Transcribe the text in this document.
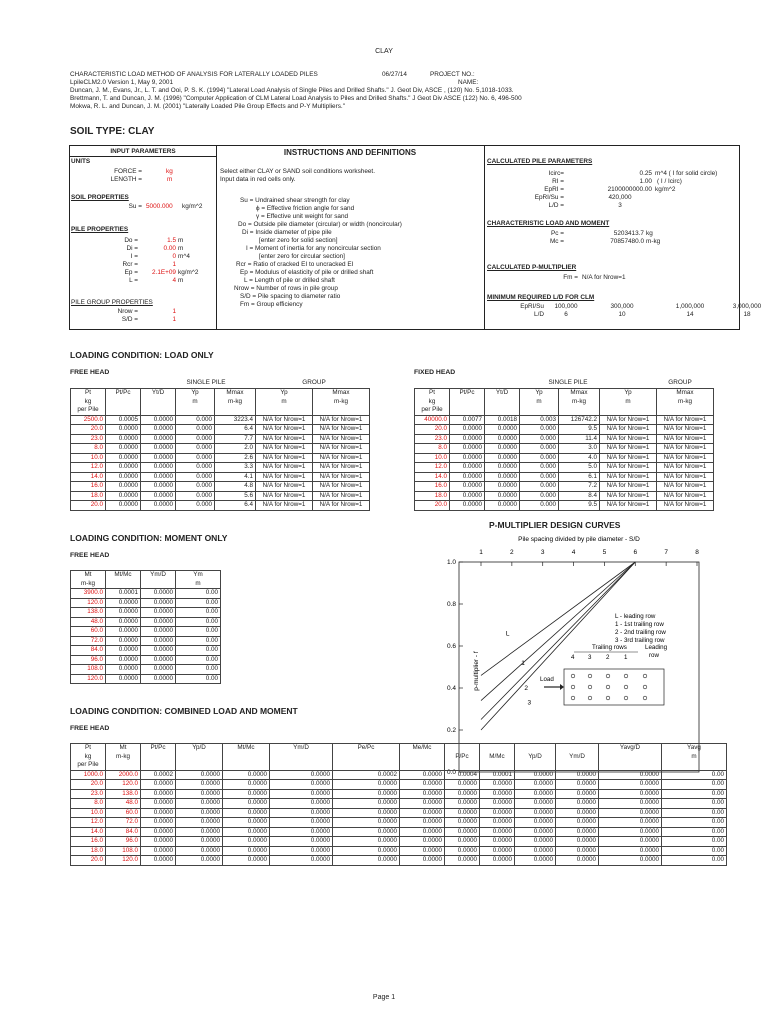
CLAY
CHARACTERISTIC LOAD METHOD OF ANALYSIS FOR LATERALLY LOADED PILES	06/27/14	PROJECT NO.:
LpileCLM2.0 Version 1, May 9, 2001	NAME:
Duncan, J. M., Evans, Jr., L. T. and Ooi, P. S. K. (1994) "Lateral Load Analysis of Single Piles and Drilled Shafts." J. Geot Div, ASCE , (120) No. 5,1018-1033.
Brettmann, T. and Duncan, J. M. (1996) "Computer Application of CLM Lateral Load Analysis to Piles and Drilled Shafts." J Geot Div ASCE (122) No. 6, 496-500
Mokwa, R. L. and Duncan, J. M. (2001) "Laterally Loaded Pile Group Effects and P-Y Multipliers."
SOIL TYPE: CLAY
INPUT PARAMETERS
UNITS
FORCE =	kg
LENGTH =	m
SOIL PROPERTIES
Su = 5000.000 kg/m^2
PILE PROPERTIES
Do =	1.5 m
Di =	0.00 m
I =	0 m^4
Rcr =	1
Ep =	2.1E+09 kg/m^2
L =	4 m
PILE GROUP PROPERTIES
Nrow =	1
S/D =	1
INSTRUCTIONS AND DEFINITIONS
Select either CLAY or SAND soil conditions worksheet.
Input data in red cells only.
Su = Undrained shear strength for clay
ϕ = Effective friction angle for sand
γ = Effective unit weight for sand
Do = Outside pile diameter (circular) or width (noncircular)
Di = Inside diameter of pipe pile
[enter zero for solid section]
I = Moment of inertia for any noncircular section
[enter zero for circular section]
Rcr = Ratio of cracked EI to uncracked EI
Ep = Modulus of elasticity of pile or drilled shaft
L = Length of pile or drilled shaft
Nrow = Number of rows in pile group
S/D = Pile spacing to diameter ratio
Fm = Group efficiency
CALCULATED PILE PARAMETERS
Icirc=	0.25 m^4 ( I for solid circle)
RI =	1.00 ( I / Icirc)
EpRI =	2100000000.00 kg/m^2
EpRI/Su =	420,000
L/D =	3
CHARACTERISTIC LOAD AND MOMENT
Pc =	5203413.7 kg
Mc =	70857480.0 m-kg
CALCULATED P-MULTIPLIER
Fm = N/A for Nrow=1
MINIMUM REQUIRED L/D FOR CLM
EpRI/Su	100,000	300,000	1,000,000	3,000,000
L/D	6	10	14	18
LOADING CONDITION: LOAD ONLY
FREE HEAD	FIXED HEAD
SINGLE PILE	GROUP	SINGLE PILE	GROUP
Pt	Pt/Pc	Yt/D	Yp	Mmax	Yp	Mmax
kg			m	m-kg	m	m-kg
per Pile						
2500.0	0.0005	0.0000	0.000	3223.4	N/A for Nrow=1	N/A for Nrow=1
20.0	0.0000	0.0000	0.000	6.4	N/A for Nrow=1	N/A for Nrow=1
23.0	0.0000	0.0000	0.000	7.7	N/A for Nrow=1	N/A for Nrow=1
8.0	0.0000	0.0000	0.000	2.0	N/A for Nrow=1	N/A for Nrow=1
10.0	0.0000	0.0000	0.000	2.6	N/A for Nrow=1	N/A for Nrow=1
12.0	0.0000	0.0000	0.000	3.3	N/A for Nrow=1	N/A for Nrow=1
14.0	0.0000	0.0000	0.000	4.1	N/A for Nrow=1	N/A for Nrow=1
16.0	0.0000	0.0000	0.000	4.8	N/A for Nrow=1	N/A for Nrow=1
18.0	0.0000	0.0000	0.000	5.6	N/A for Nrow=1	N/A for Nrow=1
20.0	0.0000	0.0000	0.000	6.4	N/A for Nrow=1	N/A for Nrow=1
Pt	Pt/Pc	Yt/D	Yp	Mmax	Yp	Mmax
kg			m	m-kg	m	m-kg
per Pile						
40000.0	0.0077	0.0018	0.003	126742.2	N/A for Nrow=1	N/A for Nrow=1
20.0	0.0000	0.0000	0.000	9.5	N/A for Nrow=1	N/A for Nrow=1
23.0	0.0000	0.0000	0.000	11.4	N/A for Nrow=1	N/A for Nrow=1
8.0	0.0000	0.0000	0.000	3.0	N/A for Nrow=1	N/A for Nrow=1
10.0	0.0000	0.0000	0.000	4.0	N/A for Nrow=1	N/A for Nrow=1
12.0	0.0000	0.0000	0.000	5.0	N/A for Nrow=1	N/A for Nrow=1
14.0	0.0000	0.0000	0.000	6.1	N/A for Nrow=1	N/A for Nrow=1
16.0	0.0000	0.0000	0.000	7.2	N/A for Nrow=1	N/A for Nrow=1
18.0	0.0000	0.0000	0.000	8.4	N/A for Nrow=1	N/A for Nrow=1
20.0	0.0000	0.0000	0.000	9.5	N/A for Nrow=1	N/A for Nrow=1
LOADING CONDITION: MOMENT ONLY
FREE HEAD
Mt	Mt/Mc	Ym/D	Ym
m-kg			m
3900.0	0.0001	0.0000	0.00
120.0	0.0000	0.0000	0.00
138.0	0.0000	0.0000	0.00
48.0	0.0000	0.0000	0.00
60.0	0.0000	0.0000	0.00
72.0	0.0000	0.0000	0.00
84.0	0.0000	0.0000	0.00
96.0	0.0000	0.0000	0.00
108.0	0.0000	0.0000	0.00
120.0	0.0000	0.0000	0.00
P-MULTIPLIER DESIGN CURVES
Pile spacing divided by pile diameter - S/D
1	2	3	4	5	6	7	8
1.0
0.8
0.6
0.4
0.2
0.0
p-multiplier - f
L
1
2
3
L - leading row
1 - 1st trailing row
2 - 2nd trailing row
3 - 3rd trailing row
Trailing rows	Leading
row
4 3 2 1
Load
LOADING CONDITION: COMBINED LOAD AND MOMENT
FREE HEAD
Pt	Mt	Pt/Pc	Yp/D	Mt/Mc	Ym/D	Pe/Pc	Me/Mc					Yavg/D	Yavg
kg	m-kg							P/Pc	M/Mc	Yp/D	Ym/D		m
per Pile													
1000.0	2000.0	0.0002	0.0000	0.0000	0.0000	0.0002	0.0000	0.0004	0.0001	0.0000	0.0000	0.0000	0.00
20.0	120.0	0.0000	0.0000	0.0000	0.0000	0.0000	0.0000	0.0000	0.0000	0.0000	0.0000	0.0000	0.00
23.0	138.0	0.0000	0.0000	0.0000	0.0000	0.0000	0.0000	0.0000	0.0000	0.0000	0.0000	0.0000	0.00
8.0	48.0	0.0000	0.0000	0.0000	0.0000	0.0000	0.0000	0.0000	0.0000	0.0000	0.0000	0.0000	0.00
10.0	60.0	0.0000	0.0000	0.0000	0.0000	0.0000	0.0000	0.0000	0.0000	0.0000	0.0000	0.0000	0.00
12.0	72.0	0.0000	0.0000	0.0000	0.0000	0.0000	0.0000	0.0000	0.0000	0.0000	0.0000	0.0000	0.00
14.0	84.0	0.0000	0.0000	0.0000	0.0000	0.0000	0.0000	0.0000	0.0000	0.0000	0.0000	0.0000	0.00
16.0	96.0	0.0000	0.0000	0.0000	0.0000	0.0000	0.0000	0.0000	0.0000	0.0000	0.0000	0.0000	0.00
18.0	108.0	0.0000	0.0000	0.0000	0.0000	0.0000	0.0000	0.0000	0.0000	0.0000	0.0000	0.0000	0.00
20.0	120.0	0.0000	0.0000	0.0000	0.0000	0.0000	0.0000	0.0000	0.0000	0.0000	0.0000	0.0000	0.00
Page 1
